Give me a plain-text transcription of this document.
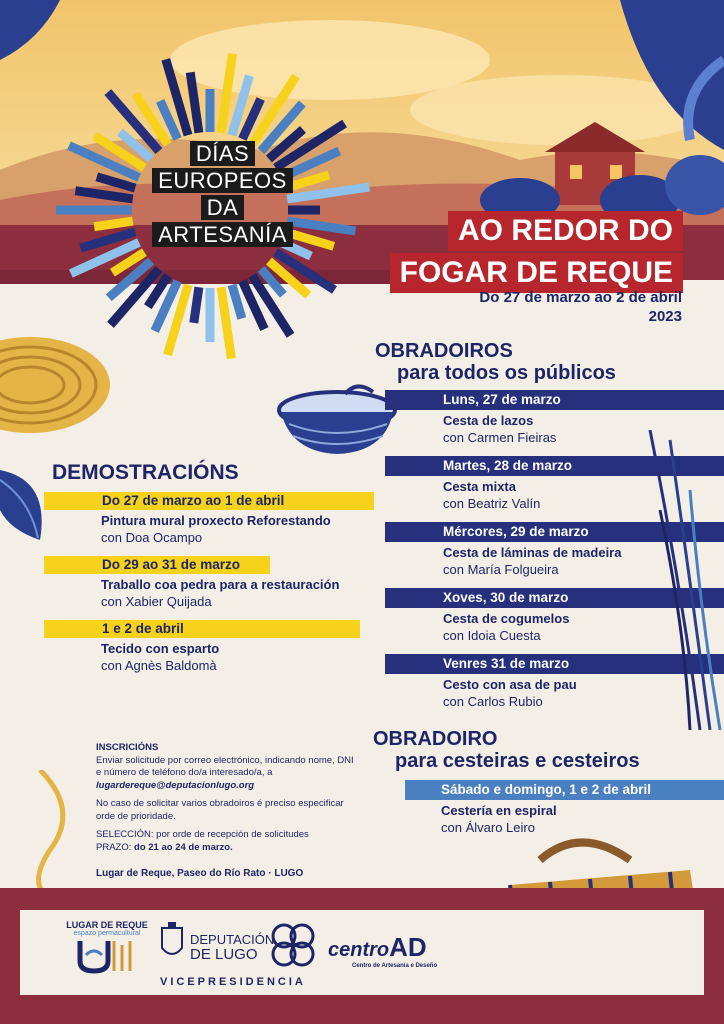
DÍAS
EUROPEOS
DA
ARTESANÍA	AO REDOR DO
FOGAR DE REQUE
Do 27 de marzo ao 2 de abril
2023
OBRADOIROS
para todos os públicos
Luns, 27 de marzo
Cesta de lazos
con Carmen Fieiras
Martes, 28 de marzo
Cesta mixta
con Beatriz Valín
Mércores, 29 de marzo
Cesta de láminas de madeira
con María Folgueira
Xoves, 30 de marzo
Cesta de cogumelos
con Idoia Cuesta
Venres 31 de marzo
Cesto con asa de pau
con Carlos Rubio
DEMOSTRACIÓNS
Do 27 de marzo ao 1 de abril
Pintura mural proxecto Reforestando
con Doa Ocampo
Do 29 ao 31 de marzo
Traballo coa pedra para a restauración
con Xabier Quijada
1 e 2 de abril
Tecido con esparto
con Agnès Baldomà
OBRADOIRO
para cesteiras e cesteiros
Sábado e domingo, 1 e 2 de abril
Cestería en espiral
con Álvaro Leiro
INSCRICIÓNS
Enviar solicitude por correo electrónico, indicando nome, DNI e número de teléfono do/a interesado/a, a lugardereque@deputacionlugo.org
No caso de solicitar varios obradoiros é preciso especificar orde de prioridade.
SELECCIÓN: por orde de recepción de solicitudes
PRAZO: do 21 ao 24 de marzo.
Lugar de Reque, Paseo do Río Rato · LUGO
LUGAR DE REQUE
espazo permacultural	DEPUTACIÓN
DE LUGO
VICEPRESIDENCIA
centroAD
Centro de Artesanía e Deseño
